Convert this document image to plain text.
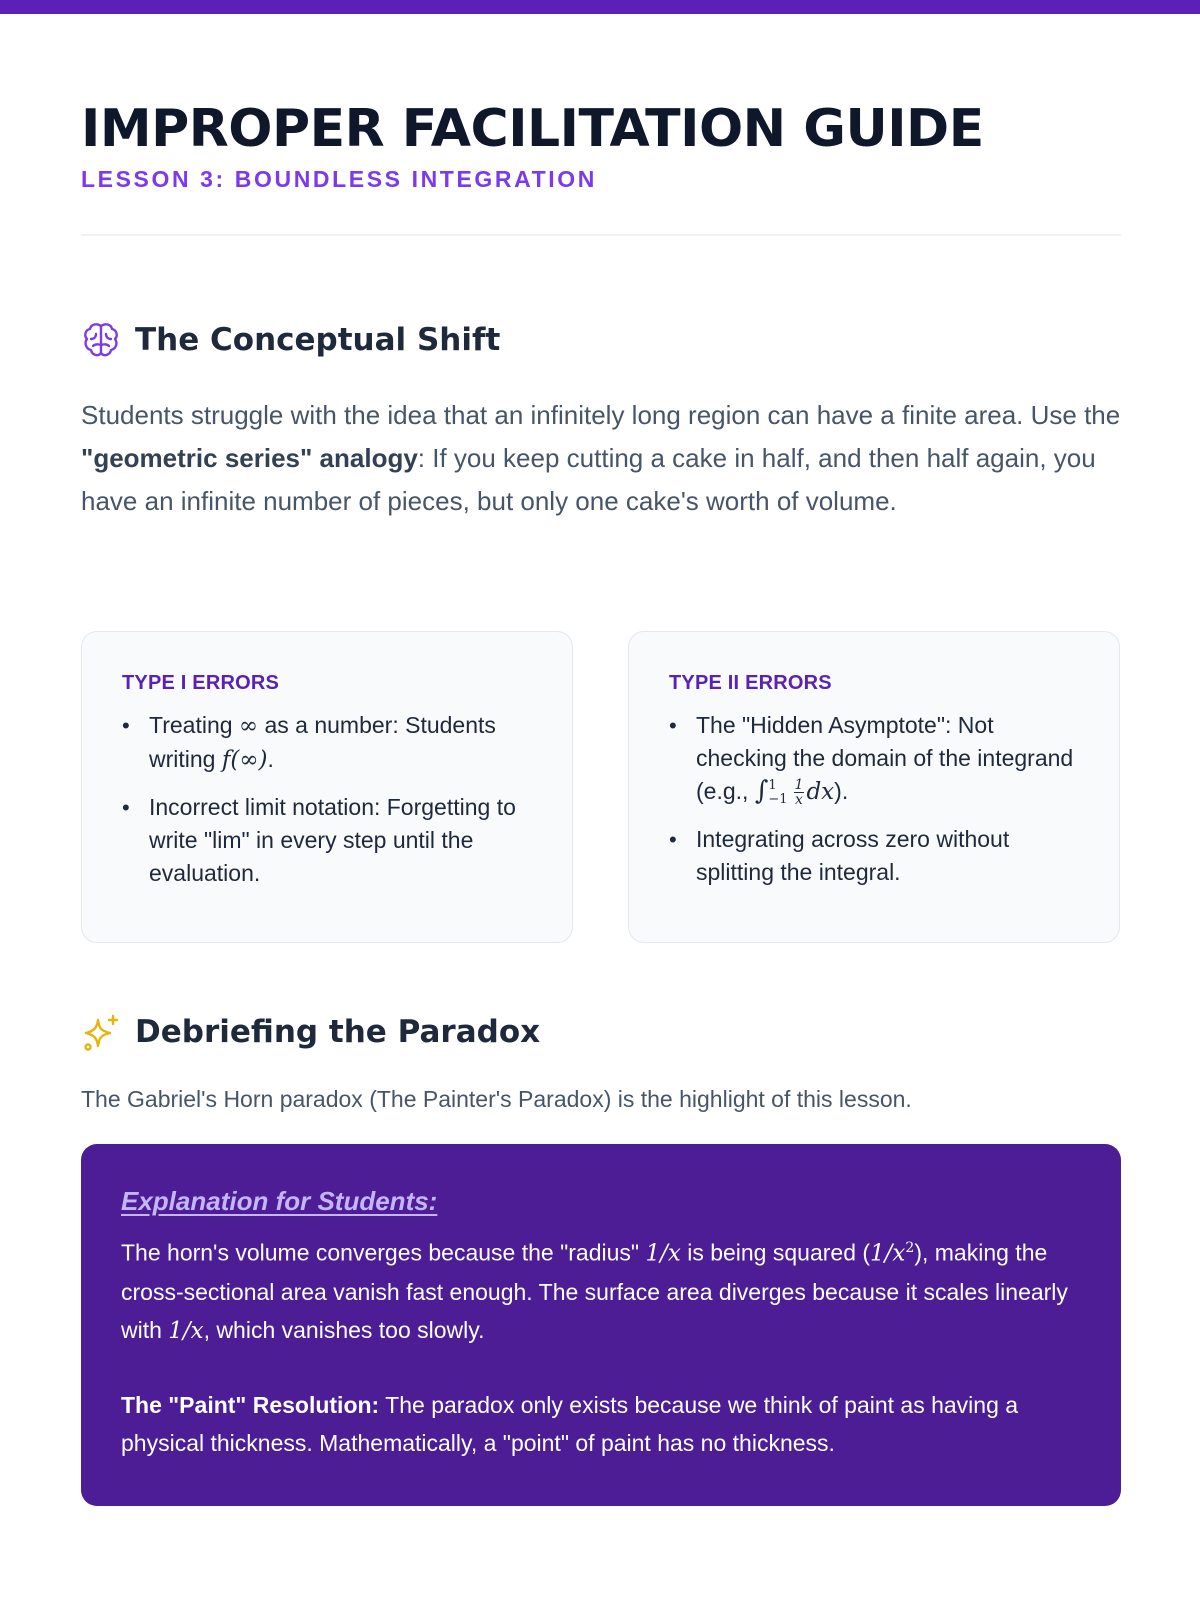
IMPROPER FACILITATION GUIDE
LESSON 3: BOUNDLESS INTEGRATION
The Conceptual Shift

Students struggle with the idea that an infinitely long region can have a finite area. Use the "geometric series" analogy: If you keep cutting a cake in half, and then half again, you have an infinite number of pieces, but only one cake's worth of volume.

TYPE I ERRORS
• Treating ∞ as a number: Students writing f(∞).
• Incorrect limit notation: Forgetting to write "lim" in every step until the evaluation.
TYPE II ERRORS
• The "Hidden Asymptote": Not checking the domain of the integrand (e.g., ∫ 1
$-1 \frac{1}{x} dx$).
• Integrating across zero without splitting the integral.
Debriefing the Paradox

The Gabriel's Horn paradox (The Painter's Paradox) is the highlight of this lesson.

Explanation for Students:

The horn's volume converges because the "radius" 1/x is being squared $(1/x^2)$, making the cross-sectional area vanish fast enough. The surface area diverges because it scales linearly with 1/x, which vanishes too slowly.

The "Paint" Resolution: The paradox only exists because we think of paint as having a physical thickness. Mathematically, a "point" of paint has no thickness.
